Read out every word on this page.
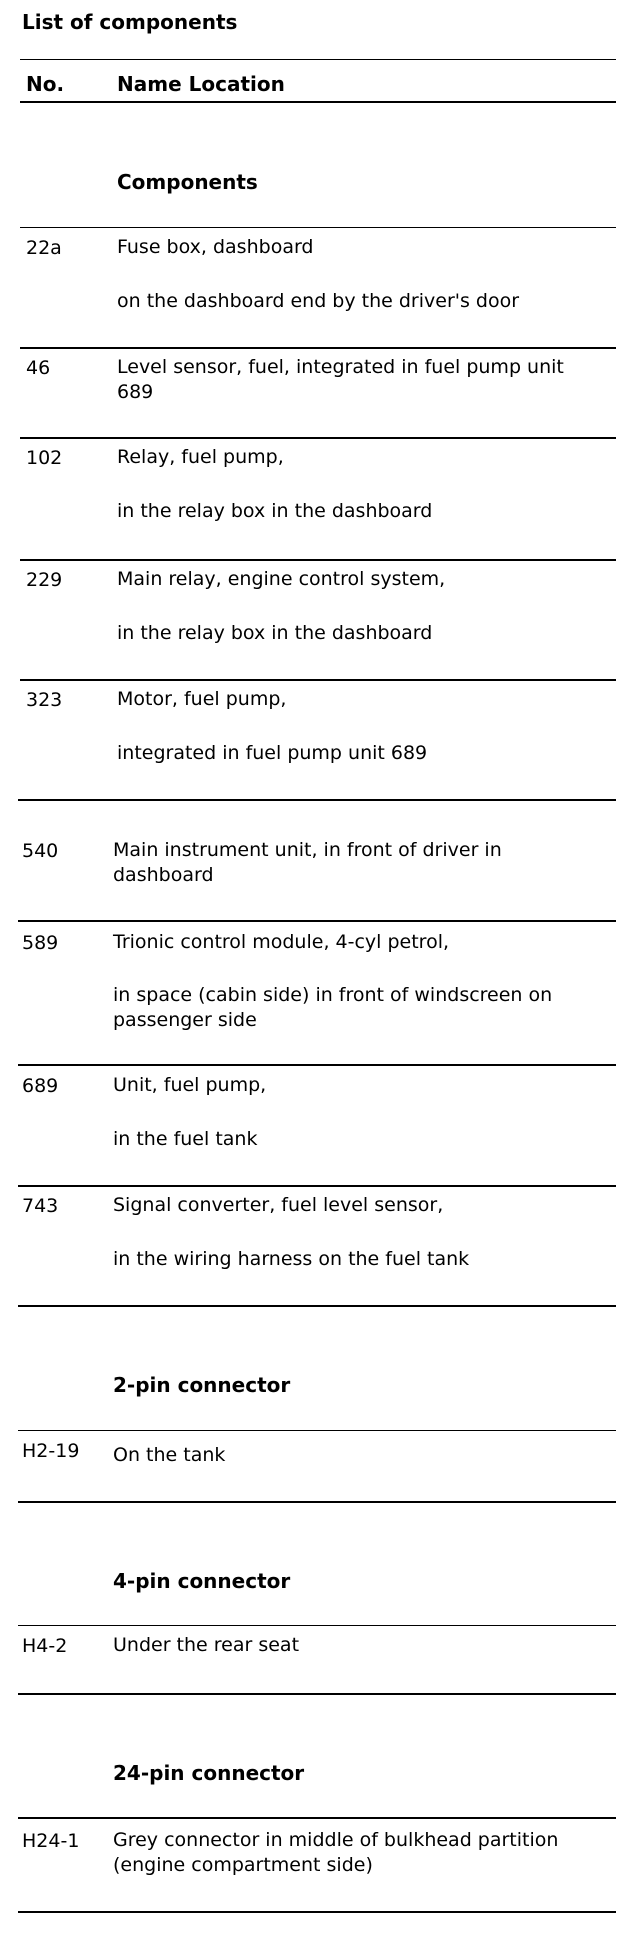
List of components
No.	Name Location
Components
22a	Fuse box, dashboard
on the dashboard end by the driver's door
46	Level sensor, fuel, integrated in fuel pump unit
689
102	Relay, fuel pump,
in the relay box in the dashboard
229	Main relay, engine control system,
in the relay box in the dashboard
323	Motor, fuel pump,
integrated in fuel pump unit 689
540	Main instrument unit, in front of driver in
dashboard
589	Trionic control module, 4-cyl petrol,
in space (cabin side) in front of windscreen on
passenger side
689	Unit, fuel pump,
in the fuel tank
743	Signal converter, fuel level sensor,
in the wiring harness on the fuel tank
2-pin connector
H2-19 On the tank
4-pin connector
H4-2 Under the rear seat
24-pin connector
H24-1 Grey connector in middle of bulkhead partition
(engine compartment side)
